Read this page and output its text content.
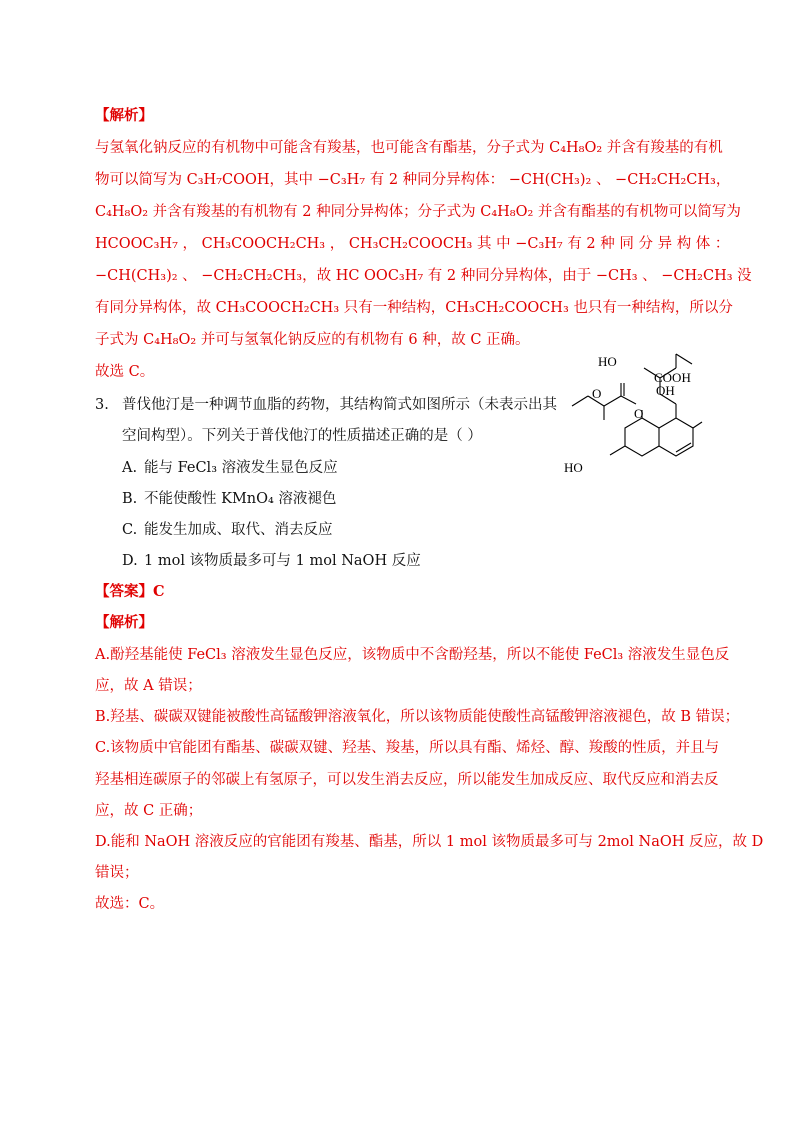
【解析】
与氢氧化钠反应的有机物中可能含有羧基，也可能含有酯基，分子式为 C₄H₈O₂ 并含有羧基的有机
物可以简写为 C₃H₇COOH，其中 −C₃H₇ 有 2 种同分异构体： −CH(CH₃)₂ 、 −CH₂CH₂CH₃，
C₄H₈O₂ 并含有羧基的有机物有 2 种同分异构体；分子式为 C₄H₈O₂ 并含有酯基的有机物可以简写为
HCOOC₃H₇ ， CH₃COOCH₂CH₃ ， CH₃CH₂COOCH₃ 其 中 −C₃H₇ 有 2 种 同 分 异 构 体 ：
−CH(CH₃)₂ 、 −CH₂CH₂CH₃，故 HC OOC₃H₇ 有 2 种同分异构体，由于 −CH₃ 、 −CH₂CH₃ 没
有同分异构体，故 CH₃COOCH₂CH₃ 只有一种结构，CH₃CH₂COOCH₃ 也只有一种结构，所以分
子式为 C₄H₈O₂ 并可与氢氧化钠反应的有机物有 6 种，故 C 正确。
故选 C。
3. 普伐他汀是一种调节血脂的药物，其结构简式如图所示（未表示出其
空间构型）。下列关于普伐他汀的性质描述正确的是（ ）
A. 能与 FeCl₃ 溶液发生显色反应
B. 不能使酸性 KMnO₄ 溶液褪色
C. 能发生加成、取代、消去反应
D. 1 mol 该物质最多可与 1 mol NaOH 反应
HO
COOH
OH
O
O
HO
【答案】C
【解析】
A.酚羟基能使 FeCl₃ 溶液发生显色反应，该物质中不含酚羟基，所以不能使 FeCl₃ 溶液发生显色反
应，故 A 错误；
B.羟基、碳碳双键能被酸性高锰酸钾溶液氧化，所以该物质能使酸性高锰酸钾溶液褪色，故 B 错误；
C.该物质中官能团有酯基、碳碳双键、羟基、羧基，所以具有酯、烯烃、醇、羧酸的性质，并且与
羟基相连碳原子的邻碳上有氢原子，可以发生消去反应，所以能发生加成反应、取代反应和消去反
应，故 C 正确；
D.能和 NaOH 溶液反应的官能团有羧基、酯基，所以 1 mol 该物质最多可与 2mol NaOH 反应，故 D
错误；
故选：C。
